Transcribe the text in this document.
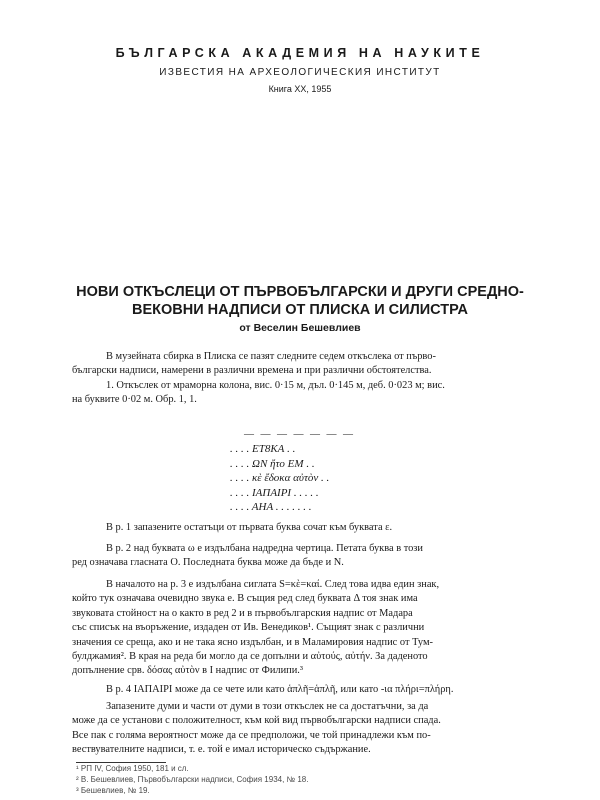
БЪЛГАРСКА АКАДЕМИЯ НА НАУКИТЕ
ИЗВЕСТИЯ НА АРХЕОЛОГИЧЕСКИЯ ИНСТИТУТ
Книга XX, 1955
НОВИ ОТКЪСЛЕЦИ ОТ ПЪРВОБЪЛГАРСКИ И ДРУГИ СРЕДНО-
ВЕКОВНИ НАДПИСИ ОТ ПЛИСКА И СИЛИСТРА
от Веселин Бешевлиев
В музейната сбирка в Плиска се пазят следните седем откъслека от първо-
български надписи, намерени в различни времена и при различни обстоятелства.
1. Откъслек от мраморна колона, вис. 0·15 м, дъл. 0·145 м, деб. 0·023 м; вис.
на буквите 0·02 м. Обр. 1, 1.
— — — — — — —
. . . . ЕТ8КА . .
. . . . ΩΝ ἤτο ΕΜ . .
. . . . κὲ ἔδοκα αὐτὸν . .
. . . . ΙΑΠΑΙΡΙ . . . . .
. . . . ΑΗΑ . . . . . . .
В р. 1 запазените остатъци от първата буква сочат към буквата ε.
В р. 2 над буквата ω е издълбана надредна чертица. Петата буква в този
ред означава гласната О. Последната буква може да бъде и N.
В началото на р. 3 е издълбана сиглата S=κὲ=καί. След това идва един знак,
който тук означава очевидно звука е. В същия ред след буквата Δ тоя знак има
звуковата стойност на о както в ред 2 и в първобългарския надпис от Мадара
със списък на въоръжение, издаден от Ив. Венедиков¹. Същият знак с различни
значения се среща, ако и не така ясно издълбан, и в Маламировия надпис от Тум-
булджамия². В края на реда би могло да се допълни и αὐτούς, αὐτήν. За даденото
допълнение срв. δόσας αὐτὸν в I надпис от Филипи.³
В р. 4 ΙΑΠΑΙΡΙ може да се чете или като ἁπλῆ=ἁπλῆ, или като -ια πλήρι=πλήρη.
Запазените думи и части от думи в този откъслек не са достатъчни, за да
може да се установи с положителност, към кой вид първобългарски надписи спада.
Все пак с голяма вероятност може да се предположи, че той принадлежи към по-
вествувателните надписи, т. е. той е имал историческо съдържание.
¹ РП IV, София 1950, 181 и сл.
² В. Бешевлиев, Първобългарски надписи, София 1934, № 18.
³ Бешевлиев, № 19.
